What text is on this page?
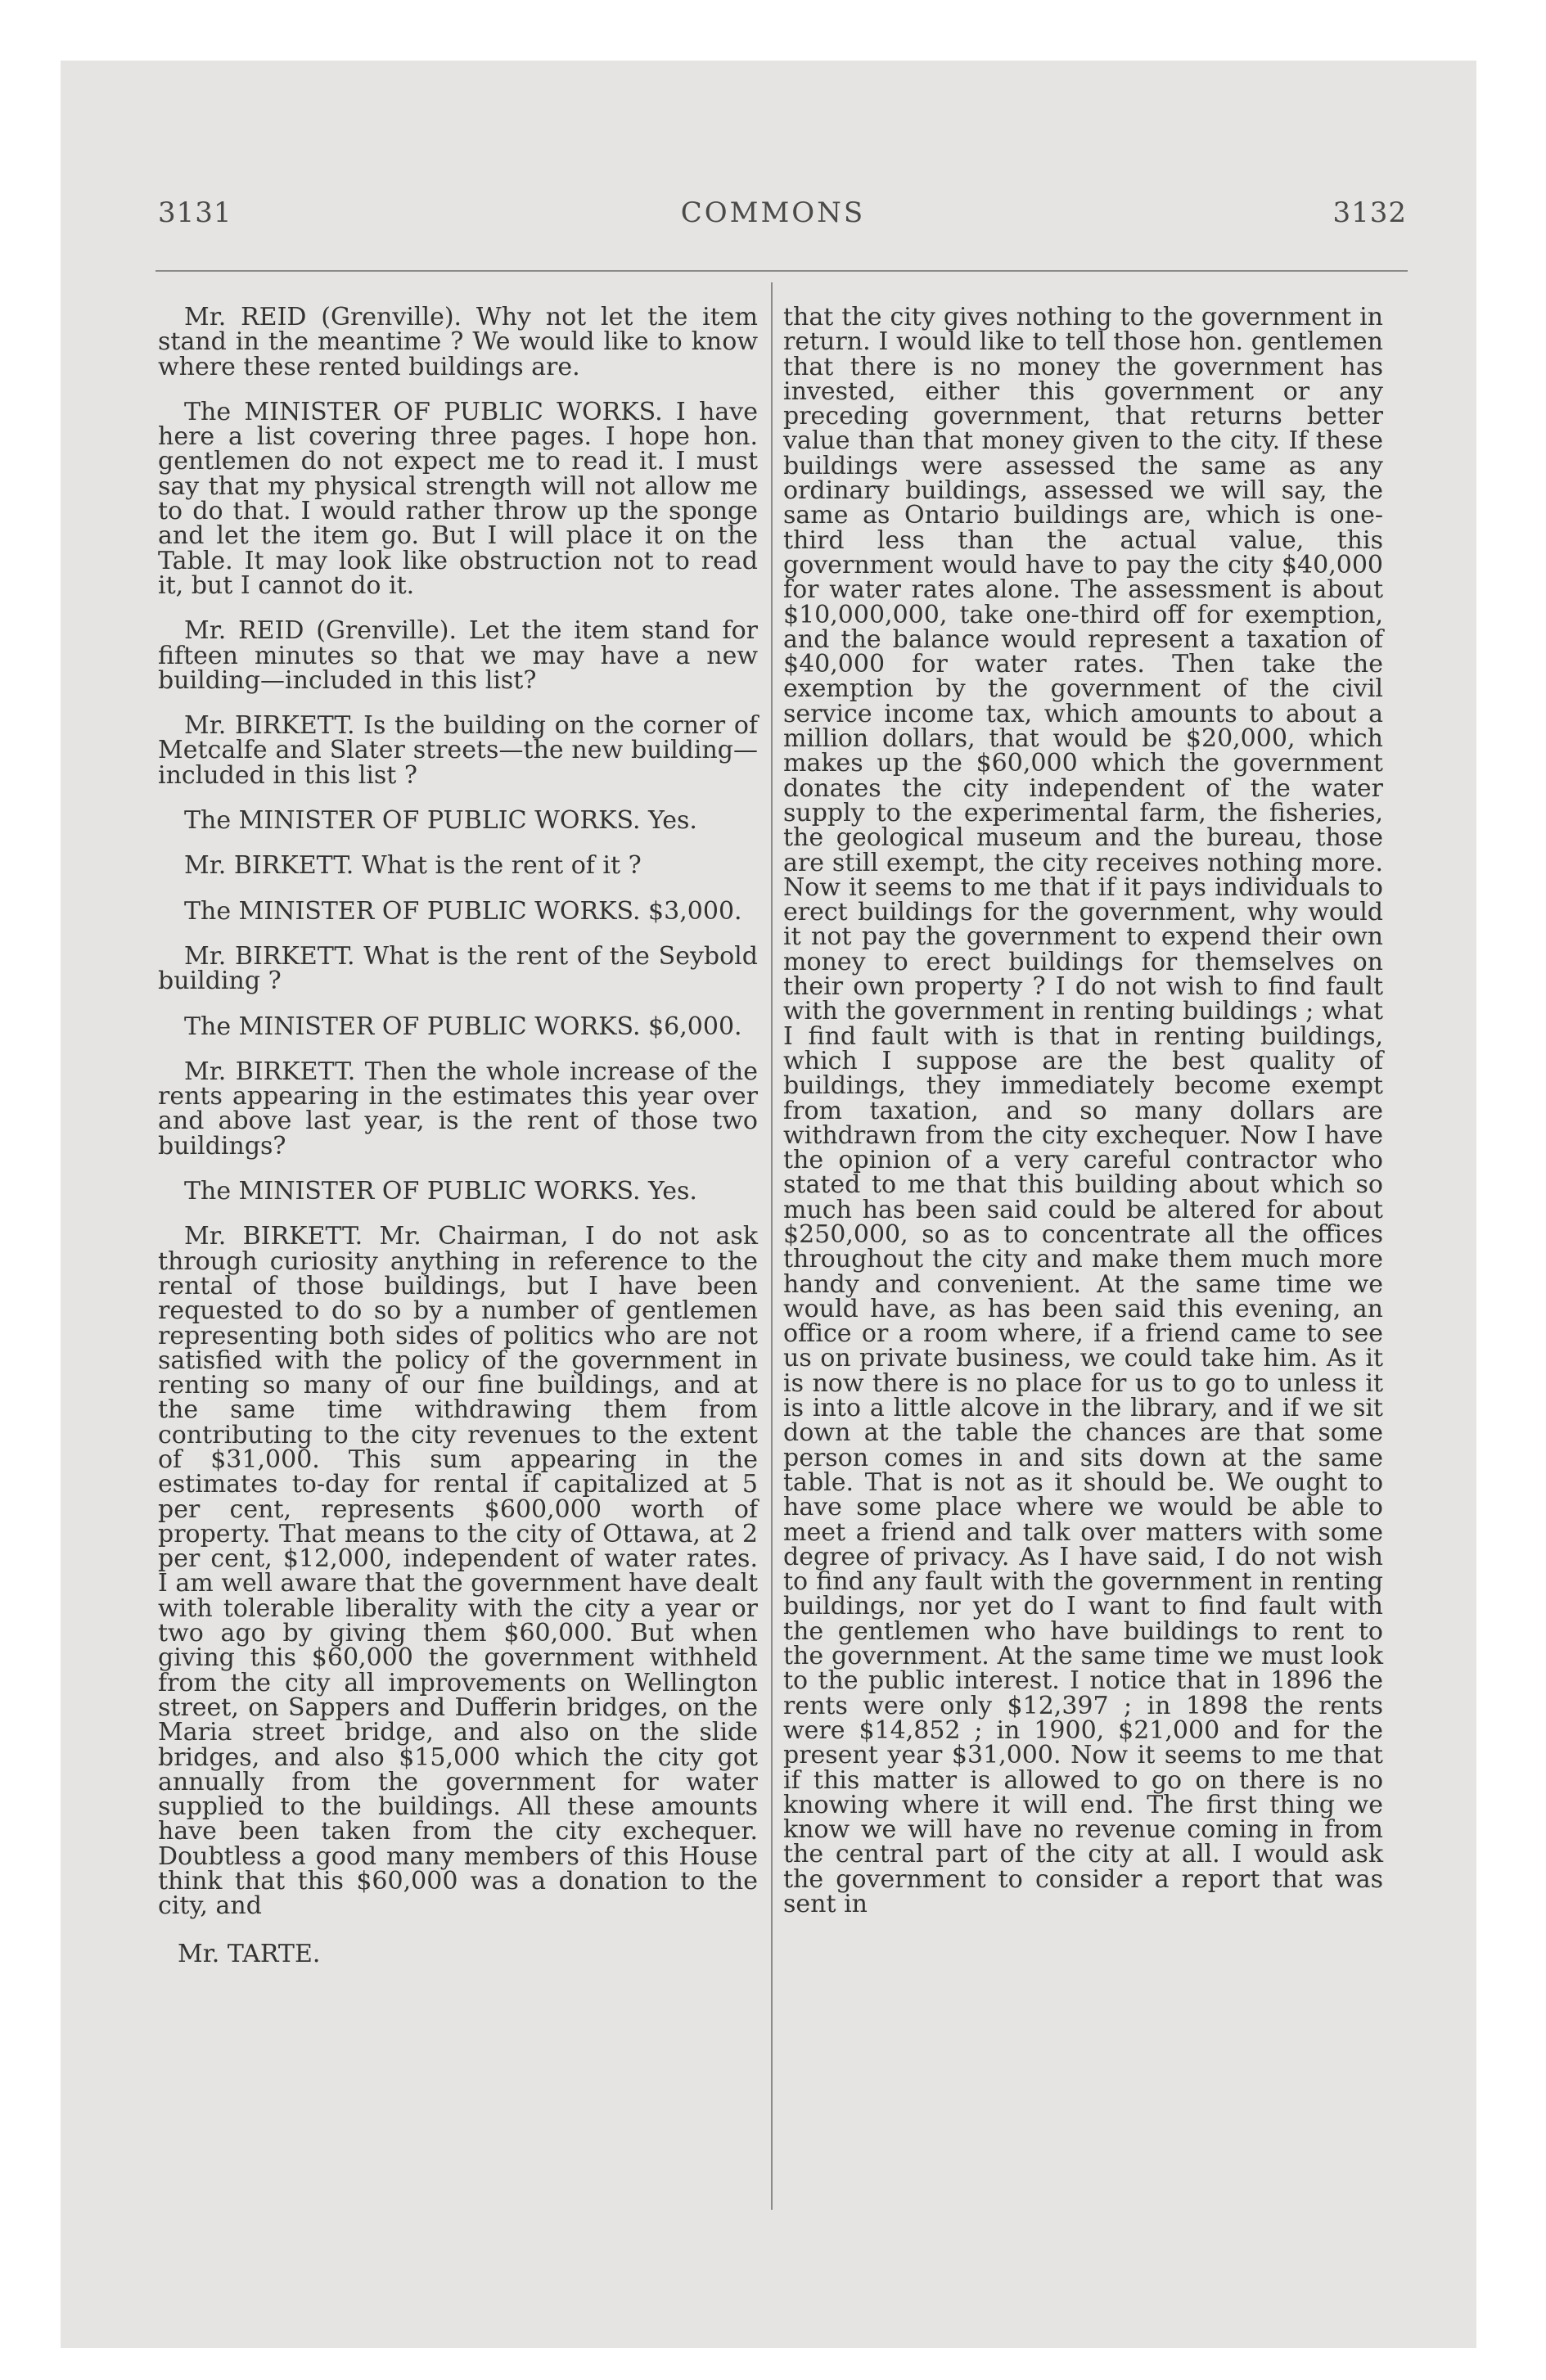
3131	COMMONS	3132

Mr. REID (Grenville). Why not let the item stand in the meantime ? We would like to know where these rented buildings are.

The MINISTER OF PUBLIC WORKS. I have here a list covering three pages. I hope hon. gentlemen do not expect me to read it. I must say that my physical strength will not allow me to do that. I would rather throw up the sponge and let the item go. But I will place it on the Table. It may look like obstruction not to read it, but I cannot do it.

Mr. REID (Grenville). Let the item stand for fifteen minutes so that we may have a new building—included in this list?

Mr. BIRKETT. Is the building on the corner of Metcalfe and Slater streets—the new building—included in this list ?

The MINISTER OF PUBLIC WORKS. Yes.

Mr. BIRKETT. What is the rent of it ?

The MINISTER OF PUBLIC WORKS. $3,000.

Mr. BIRKETT. What is the rent of the Seybold building ?

The MINISTER OF PUBLIC WORKS. $6,000.

Mr. BIRKETT. Then the whole increase of the rents appearing in the estimates this year over and above last year, is the rent of those two buildings?

The MINISTER OF PUBLIC WORKS. Yes.

Mr. BIRKETT. Mr. Chairman, I do not ask through curiosity anything in reference to the rental of those buildings, but I have been requested to do so by a number of gentlemen representing both sides of politics who are not satisfied with the policy of the government in renting so many of our fine buildings, and at the same time withdrawing them from contributing to the city revenues to the extent of $31,000. This sum appearing in the estimates to-day for rental if capitalized at 5 per cent, represents $600,000 worth of property. That means to the city of Ottawa, at 2 per cent, $12,000, independent of water rates. I am well aware that the government have dealt with tolerable liberality with the city a year or two ago by giving them $60,000. But when giving this $60,000 the government withheld from the city all improvements on Wellington street, on Sappers and Dufferin bridges, on the Maria street bridge, and also on the slide bridges, and also $15,000 which the city got annually from the government for water supplied to the buildings. All these amounts have been taken from the city exchequer. Doubtless a good many members of this House think that this $60,000 was a donation to the city, and

Mr. TARTE.

that the city gives nothing to the government in return. I would like to tell those hon. gentlemen that there is no money the government has invested, either this government or any preceding government, that returns better value than that money given to the city. If these buildings were assessed the same as any ordinary buildings, assessed we will say, the same as Ontario buildings are, which is one-third less than the actual value, this government would have to pay the city $40,000 for water rates alone. The assessment is about $10,000,000, take one-third off for exemption, and the balance would represent a taxation of $40,000 for water rates. Then take the exemption by the government of the civil service income tax, which amounts to about a million dollars, that would be $20,000, which makes up the $60,000 which the government donates the city independent of the water supply to the experimental farm, the fisheries, the geological museum and the bureau, those are still exempt, the city receives nothing more. Now it seems to me that if it pays individuals to erect buildings for the government, why would it not pay the government to expend their own money to erect buildings for themselves on their own property ? I do not wish to find fault with the government in renting buildings ; what I find fault with is that in renting buildings, which I suppose are the best quality of buildings, they immediately become exempt from taxation, and so many dollars are withdrawn from the city exchequer. Now I have the opinion of a very careful contractor who stated to me that this building about which so much has been said could be altered for about $250,000, so as to concentrate all the offices throughout the city and make them much more handy and convenient. At the same time we would have, as has been said this evening, an office or a room where, if a friend came to see us on private business, we could take him. As it is now there is no place for us to go to unless it is into a little alcove in the library, and if we sit down at the table the chances are that some person comes in and sits down at the same table. That is not as it should be. We ought to have some place where we would be able to meet a friend and talk over matters with some degree of privacy. As I have said, I do not wish to find any fault with the government in renting buildings, nor yet do I want to find fault with the gentlemen who have buildings to rent to the government. At the same time we must look to the public interest. I notice that in 1896 the rents were only $12,397 ; in 1898 the rents were $14,852 ; in 1900, $21,000 and for the present year $31,000. Now it seems to me that if this matter is allowed to go on there is no knowing where it will end. The first thing we know we will have no revenue coming in from the central part of the city at all. I would ask the government to consider a report that was sent in
